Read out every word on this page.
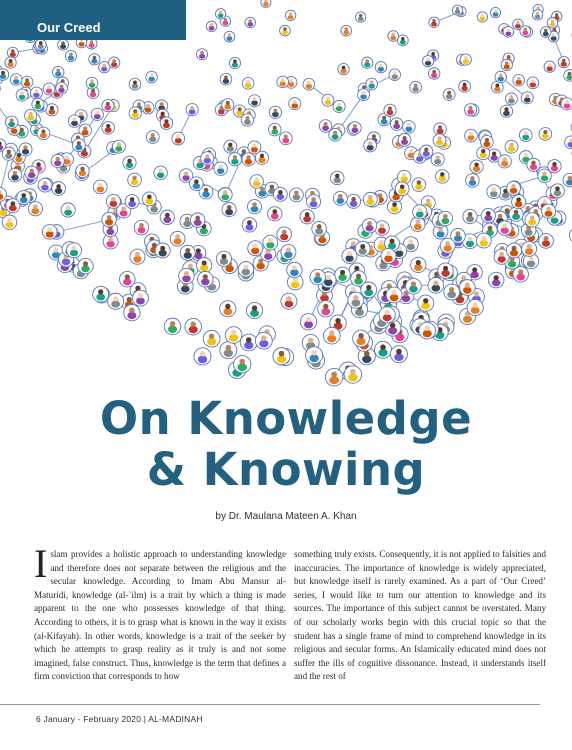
Our Creed
On Knowledge
& Knowing
by Dr. Maulana Mateen A. Khan

Islam provides a holistic approach to understanding knowledge and therefore does not separate between the religious and the secular knowledge. According to Imam Abu Mansur al-Maturidi, knowledge (al-`ilm) is a trait by which a thing is made apparent to the one who possesses knowledge of that thing. According to others, it is to grasp what is known in the way it exists (al-Kifayah). In other words, knowledge is a trait of the seeker by which he attempts to grasp reality as it truly is and not some imagined, false construct. Thus, knowledge is the term that defines a firm conviction that corresponds to how

something truly exists. Consequently, it is not applied to falsities and inaccuracies. The importance of knowledge is widely appreciated, but knowledge itself is rarely examined. As a part of ‘Our Creed’ series, I would like to turn our attention to knowledge and its sources. The importance of this subject cannot be overstated. Many of our scholarly works begin with this crucial topic so that the student has a single frame of mind to comprehend knowledge in its religious and secular forms. An Islamically educated mind does not suffer the ills of cognitive dissonance. Instead, it understands itself and the rest of

6 January - February 2020 | AL-MADINAH
